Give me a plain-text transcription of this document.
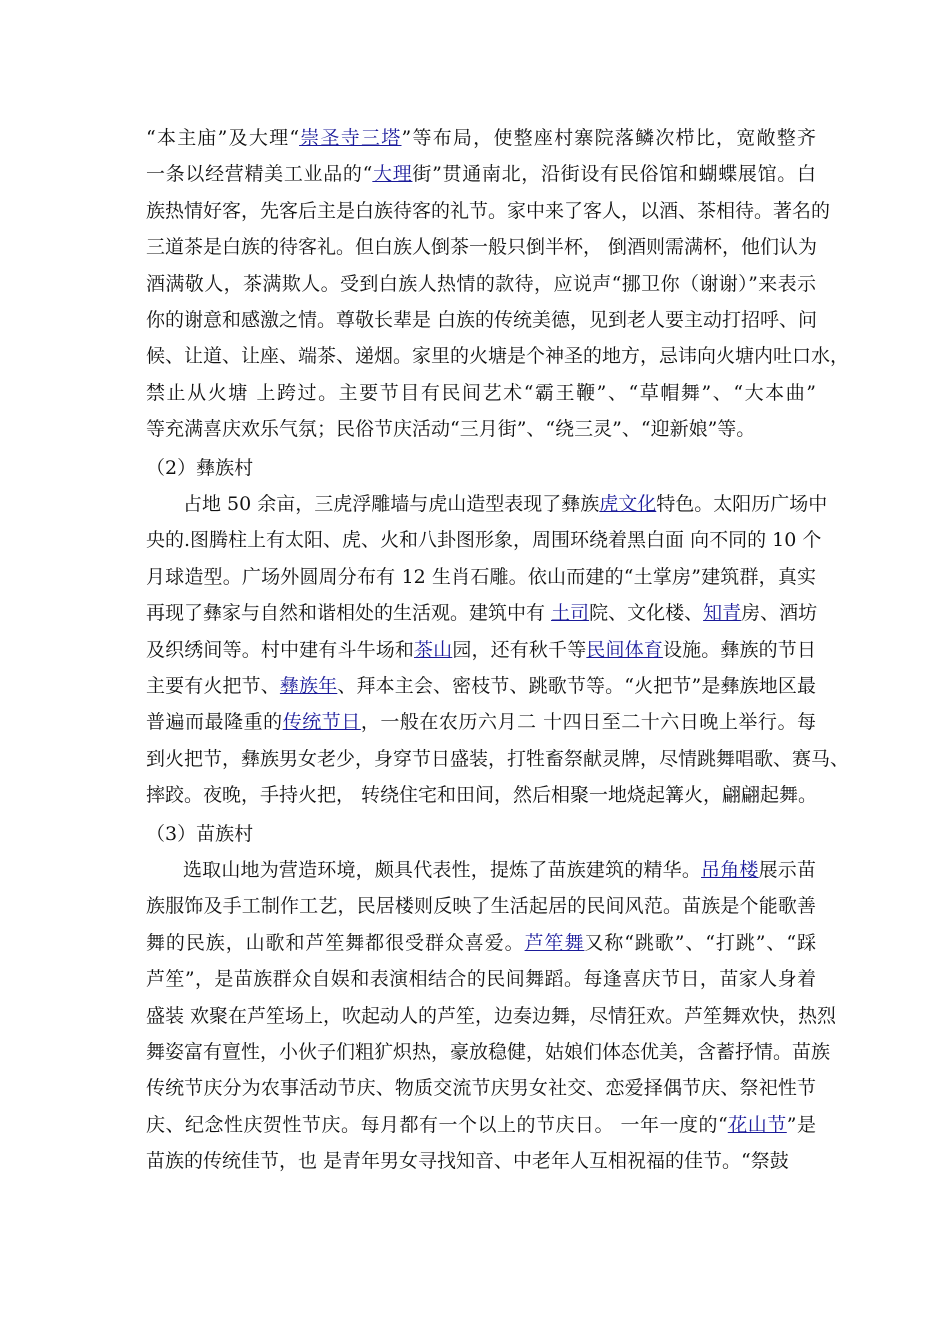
“本主庙”及大理“崇圣寺三塔”等布局，使整座村寨院落鳞次栉比，宽敞整齐
一条以经营精美工业品的“大理街”贯通南北，沿街设有民俗馆和蝴蝶展馆。白
族热情好客，先客后主是白族待客的礼节。家中来了客人，以酒、茶相待。著名的
三道茶是白族的待客礼。但白族人倒茶一般只倒半杯， 倒酒则需满杯，他们认为
酒满敬人，茶满欺人。受到白族人热情的款待，应说声“挪卫你（谢谢）”来表示
你的谢意和感激之情。尊敬长辈是 白族的传统美德，见到老人要主动打招呼、问
候、让道、让座、端茶、递烟。家里的火塘是个神圣的地方，忌讳向火塘内吐口水，
禁止从火塘 上跨过。主要节目有民间艺术“霸王鞭”、“草帽舞”、“大本曲”
等充满喜庆欢乐气氛；民俗节庆活动“三月街”、“绕三灵”、“迎新娘”等。
（2）彝族村
占地 50 余亩，三虎浮雕墙与虎山造型表现了彝族虎文化特色。太阳历广场中
央的.图腾柱上有太阳、虎、火和八卦图形象，周围环绕着黑白面 向不同的 10 个
月球造型。广场外圆周分布有 12 生肖石雕。依山而建的“土掌房”建筑群，真实
再现了彝家与自然和谐相处的生活观。建筑中有 土司院、文化楼、知青房、酒坊
及织绣间等。村中建有斗牛场和茶山园，还有秋千等民间体育设施。彝族的节日
主要有火把节、彝族年、拜本主会、密枝节、跳歌节等。“火把节”是彝族地区最
普遍而最隆重的传统节日，一般在农历六月二 十四日至二十六日晚上举行。每
到火把节，彝族男女老少，身穿节日盛装，打牲畜祭献灵牌，尽情跳舞唱歌、赛马、
摔跤。夜晚，手持火把， 转绕住宅和田间，然后相聚一地烧起篝火，翩翩起舞。
（3）苗族村
选取山地为营造环境，颇具代表性，提炼了苗族建筑的精华。吊角楼展示苗
族服饰及手工制作工艺，民居楼则反映了生活起居的民间风范。苗族是个能歌善
舞的民族，山歌和芦笙舞都很受群众喜爱。芦笙舞又称“跳歌”、“打跳”、“踩
芦笙”，是苗族群众自娱和表演相结合的民间舞蹈。每逢喜庆节日，苗家人身着
盛装 欢聚在芦笙场上，吹起动人的芦笙，边奏边舞，尽情狂欢。芦笙舞欢快，热烈
舞姿富有亶性，小伙子们粗犷炽热，豪放稳健，姑娘们体态优美，含蓄抒情。苗族
传统节庆分为农事活动节庆、物质交流节庆男女社交、恋爱择偶节庆、祭祀性节
庆、纪念性庆贺性节庆。每月都有一个以上的节庆日。 一年一度的“花山节”是
苗族的传统佳节，也 是青年男女寻找知音、中老年人互相祝福的佳节。“祭鼓
